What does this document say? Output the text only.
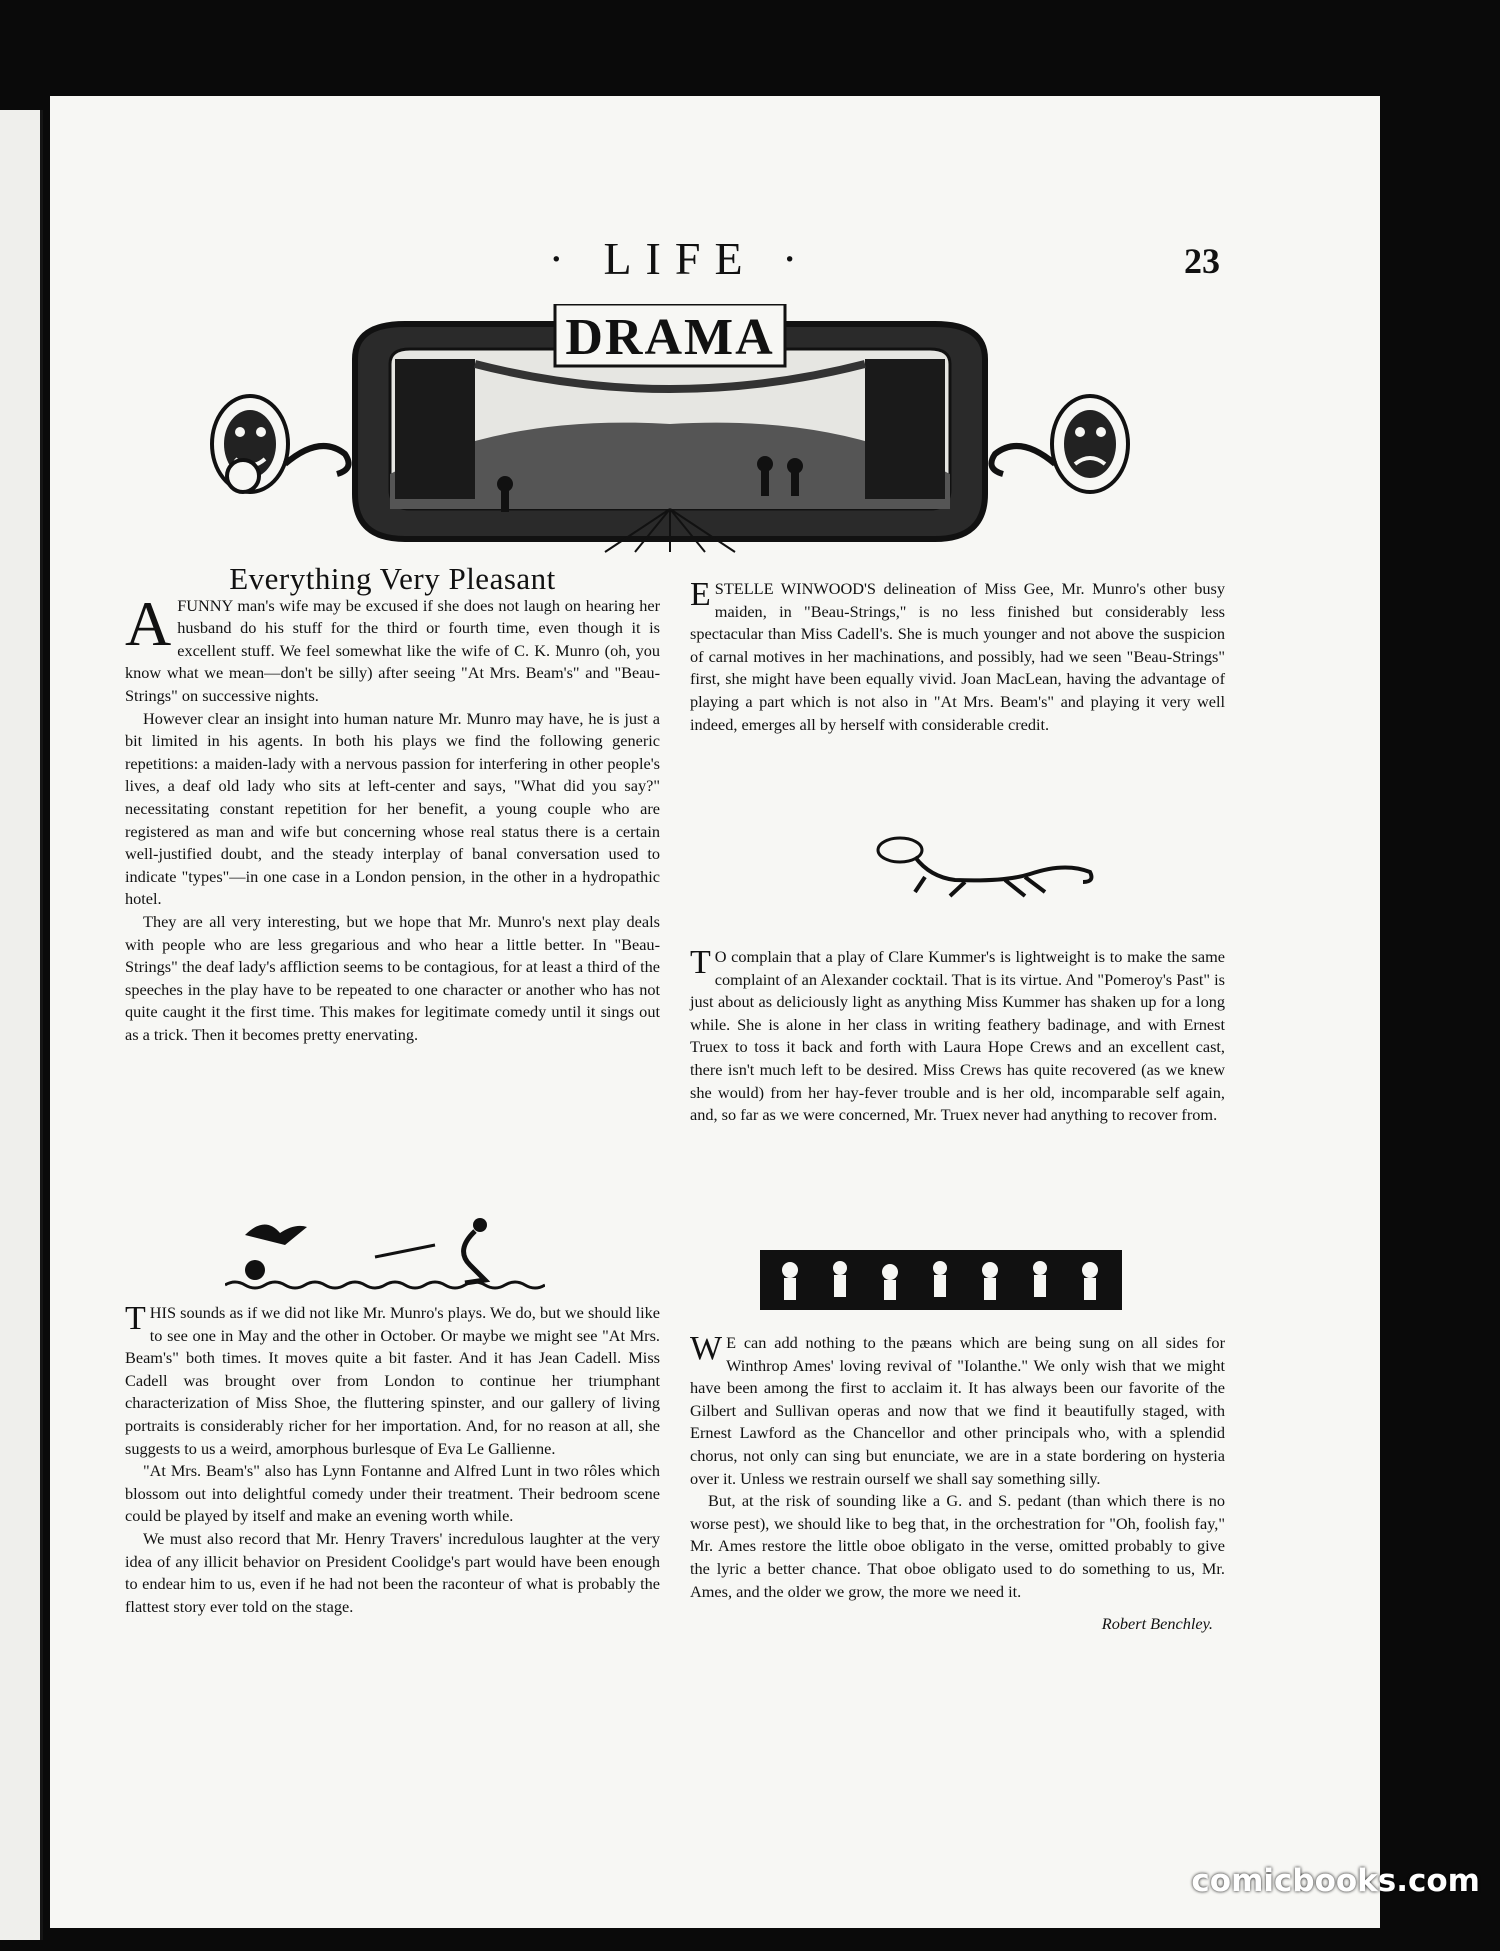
· LIFE ·	23
DRAMA
Everything Very Pleasant

AFUNNY man's wife may be excused if she does not laugh on hearing her husband do his stuff for the third or fourth time, even though it is excellent stuff. We feel somewhat like the wife of C. K. Munro (oh, you know what we mean—don't be silly) after seeing "At Mrs. Beam's" and "Beau-Strings" on successive nights.

However clear an insight into human nature Mr. Munro may have, he is just a bit limited in his agents. In both his plays we find the following generic repetitions: a maiden-lady with a nervous passion for interfering in other people's lives, a deaf old lady who sits at left-center and says, "What did you say?" necessitating constant repetition for her benefit, a young couple who are registered as man and wife but concerning whose real status there is a certain well-justified doubt, and the steady interplay of banal conversation used to indicate "types"—in one case in a London pension, in the other in a hydropathic hotel.

They are all very interesting, but we hope that Mr. Munro's next play deals with people who are less gregarious and who hear a little better. In "Beau-Strings" the deaf lady's affliction seems to be contagious, for at least a third of the speeches in the play have to be repeated to one character or another who has not quite caught it the first time. This makes for legitimate comedy until it sings out as a trick. Then it becomes pretty enervating.

THIS sounds as if we did not like Mr. Munro's plays. We do, but we should like to see one in May and the other in October. Or maybe we might see "At Mrs. Beam's" both times. It moves quite a bit faster. And it has Jean Cadell. Miss Cadell was brought over from London to continue her triumphant characterization of Miss Shoe, the fluttering spinster, and our gallery of living portraits is considerably richer for her importation. And, for no reason at all, she suggests to us a weird, amorphous burlesque of Eva Le Gallienne.

"At Mrs. Beam's" also has Lynn Fontanne and Alfred Lunt in two rôles which blossom out into delightful comedy under their treatment. Their bedroom scene could be played by itself and make an evening worth while.

We must also record that Mr. Henry Travers' incredulous laughter at the very idea of any illicit behavior on President Coolidge's part would have been enough to endear him to us, even if he had not been the raconteur of what is probably the flattest story ever told on the stage.

ESTELLE WINWOOD'S delineation of Miss Gee, Mr. Munro's other busy maiden, in "Beau-Strings," is no less finished but considerably less spectacular than Miss Cadell's. She is much younger and not above the suspicion of carnal motives in her machinations, and possibly, had we seen "Beau-Strings" first, she might have been equally vivid. Joan MacLean, having the advantage of playing a part which is not also in "At Mrs. Beam's" and playing it very well indeed, emerges all by herself with considerable credit.

T O complain that a play of Clare Kummer's is lightweight is to make the same complaint of an Alexander cocktail. That is its virtue. And "Pomeroy's Past" is just about as deliciously light as anything Miss Kummer has shaken up for a long while. She is alone in her class in writing feathery badinage, and with Ernest Truex to toss it back and forth with Laura Hope Crews and an excellent cast, there isn't much left to be desired. Miss Crews has quite recovered (as we knew she would) from her hay-fever trouble and is her old, incomparable self again, and, so far as we were concerned, Mr. Truex never had anything to recover from.

W E can add nothing to the pæans which are being sung on all sides for Winthrop Ames' loving revival of "Iolanthe." We only wish that we might have been among the first to acclaim it. It has always been our favorite of the Gilbert and Sullivan operas and now that we find it beautifully staged, with Ernest Lawford as the Chancellor and other principals who, with a splendid chorus, not only can sing but enunciate, we are in a state bordering on hysteria over it. Unless we restrain ourself we shall say something silly.

But, at the risk of sounding like a G. and S. pedant (than which there is no worse pest), we should like to beg that, in the orchestration for "Oh, foolish fay," Mr. Ames restore the little oboe obligato in the verse, omitted probably to give the lyric a better chance. That oboe obligato used to do something to us, Mr. Ames, and the older we grow, the more we need it.

Robert Benchley.
comicbooks.com
